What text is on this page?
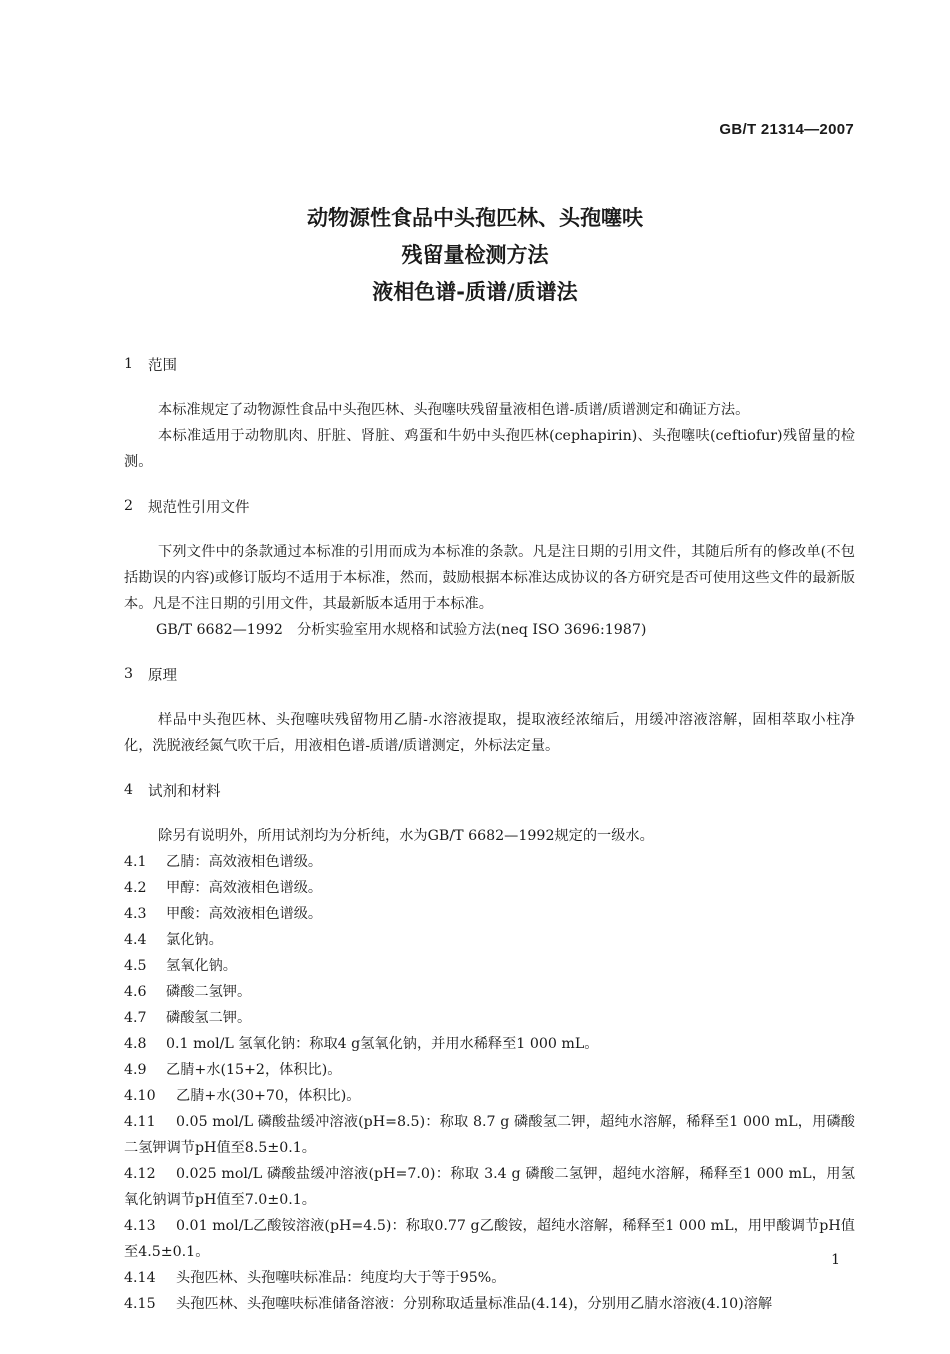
GB/T 21314—2007
动物源性食品中头孢匹林、头孢噻呋
残留量检测方法
液相色谱-质谱/质谱法
1	范围

本标准规定了动物源性食品中头孢匹林、头孢噻呋残留量液相色谱-质谱/质谱测定和确证方法。

本标准适用于动物肌肉、肝脏、肾脏、鸡蛋和牛奶中头孢匹林(cephapirin)、头孢噻呋(ceftiofur)残留量的检测。

2	规范性引用文件

下列文件中的条款通过本标准的引用而成为本标准的条款。凡是注日期的引用文件，其随后所有的修改单(不包括勘误的内容)或修订版均不适用于本标准，然而，鼓励根据本标准达成协议的各方研究是否可使用这些文件的最新版本。凡是不注日期的引用文件，其最新版本适用于本标准。

GB/T 6682—1992　分析实验室用水规格和试验方法(neq ISO 3696:1987)

3	原理

样品中头孢匹林、头孢噻呋残留物用乙腈-水溶液提取，提取液经浓缩后，用缓冲溶液溶解，固相萃取小柱净化，洗脱液经氮气吹干后，用液相色谱-质谱/质谱测定，外标法定量。

4	试剂和材料

除另有说明外，所用试剂均为分析纯，水为GB/T 6682—1992规定的一级水。

4.1	乙腈：高效液相色谱级。
4.2	甲醇：高效液相色谱级。
4.3	甲酸：高效液相色谱级。
4.4	氯化钠。
4.5	氢氧化钠。
4.6	磷酸二氢钾。
4.7	磷酸氢二钾。
4.8	0.1 mol/L 氢氧化钠：称取4 g氢氧化钠，并用水稀释至1 000 mL。
4.9	乙腈+水(15+2，体积比)。
4.10	乙腈+水(30+70，体积比)。
4.11 0.05 mol/L 磷酸盐缓冲溶液(pH=8.5)：称取 8.7 g 磷酸氢二钾，超纯水溶解，稀释至1 000 mL，用磷酸二氢钾调节pH值至8.5±0.1。
4.12 0.025 mol/L 磷酸盐缓冲溶液(pH=7.0)：称取 3.4 g 磷酸二氢钾，超纯水溶解，稀释至1 000 mL，用氢氧化钠调节pH值至7.0±0.1。
4.13 0.01 mol/L乙酸铵溶液(pH=4.5)：称取0.77 g乙酸铵，超纯水溶解，稀释至1 000 mL，用甲酸调节pH值至4.5±0.1。
4.14	头孢匹林、头孢噻呋标准品：纯度均大于等于95%。
4.15	头孢匹林、头孢噻呋标准储备溶液：分别称取适量标准品(4.14)，分别用乙腈水溶液(4.10)溶解
1
